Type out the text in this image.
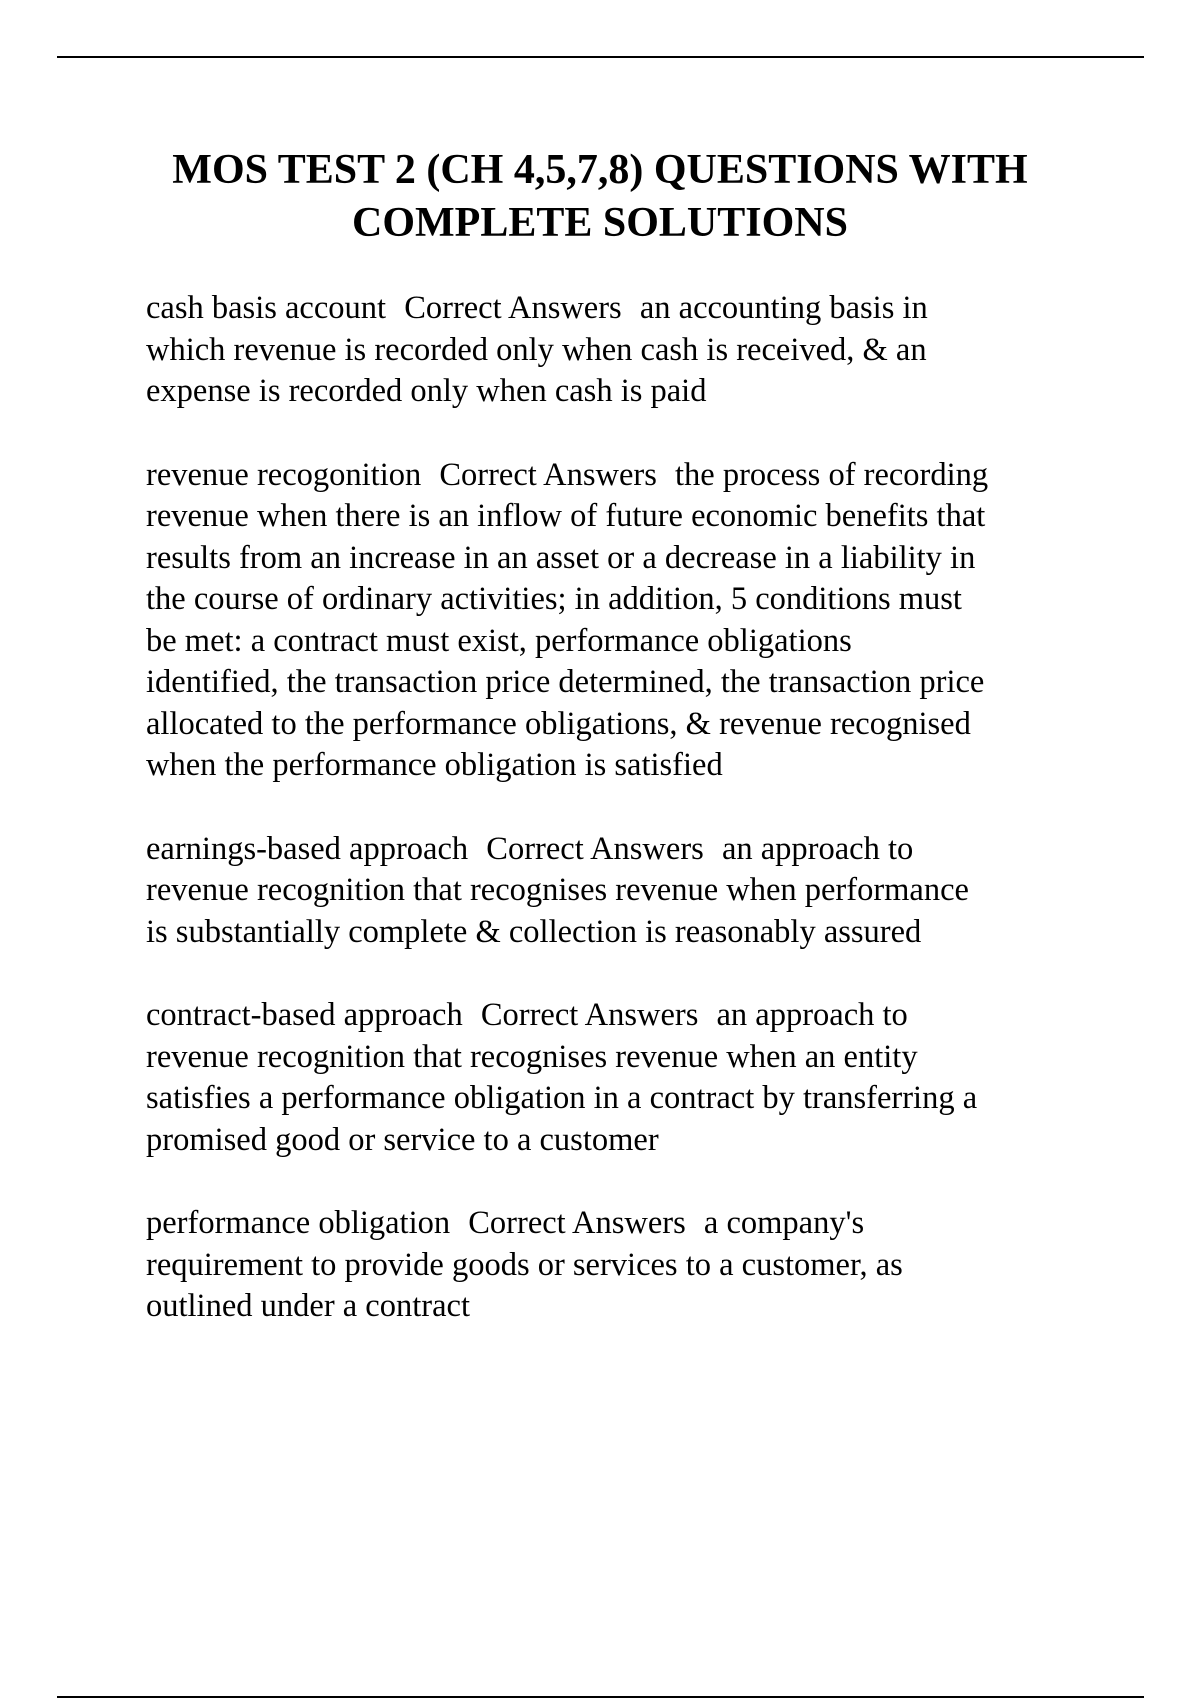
MOS TEST 2 (CH 4,5,7,8) QUESTIONS WITH
COMPLETE SOLUTIONS

cash basis account Correct Answers an accounting basis in
which revenue is recorded only when cash is received, & an
expense is recorded only when cash is paid

revenue recogonition Correct Answers the process of recording
revenue when there is an inflow of future economic benefits that
results from an increase in an asset or a decrease in a liability in
the course of ordinary activities; in addition, 5 conditions must
be met: a contract must exist, performance obligations
identified, the transaction price determined, the transaction price
allocated to the performance obligations, & revenue recognised
when the performance obligation is satisfied

earnings-based approach Correct Answers an approach to
revenue recognition that recognises revenue when performance
is substantially complete & collection is reasonably assured

contract-based approach Correct Answers an approach to
revenue recognition that recognises revenue when an entity
satisfies a performance obligation in a contract by transferring a
promised good or service to a customer

performance obligation Correct Answers a company's
requirement to provide goods or services to a customer, as
outlined under a contract
